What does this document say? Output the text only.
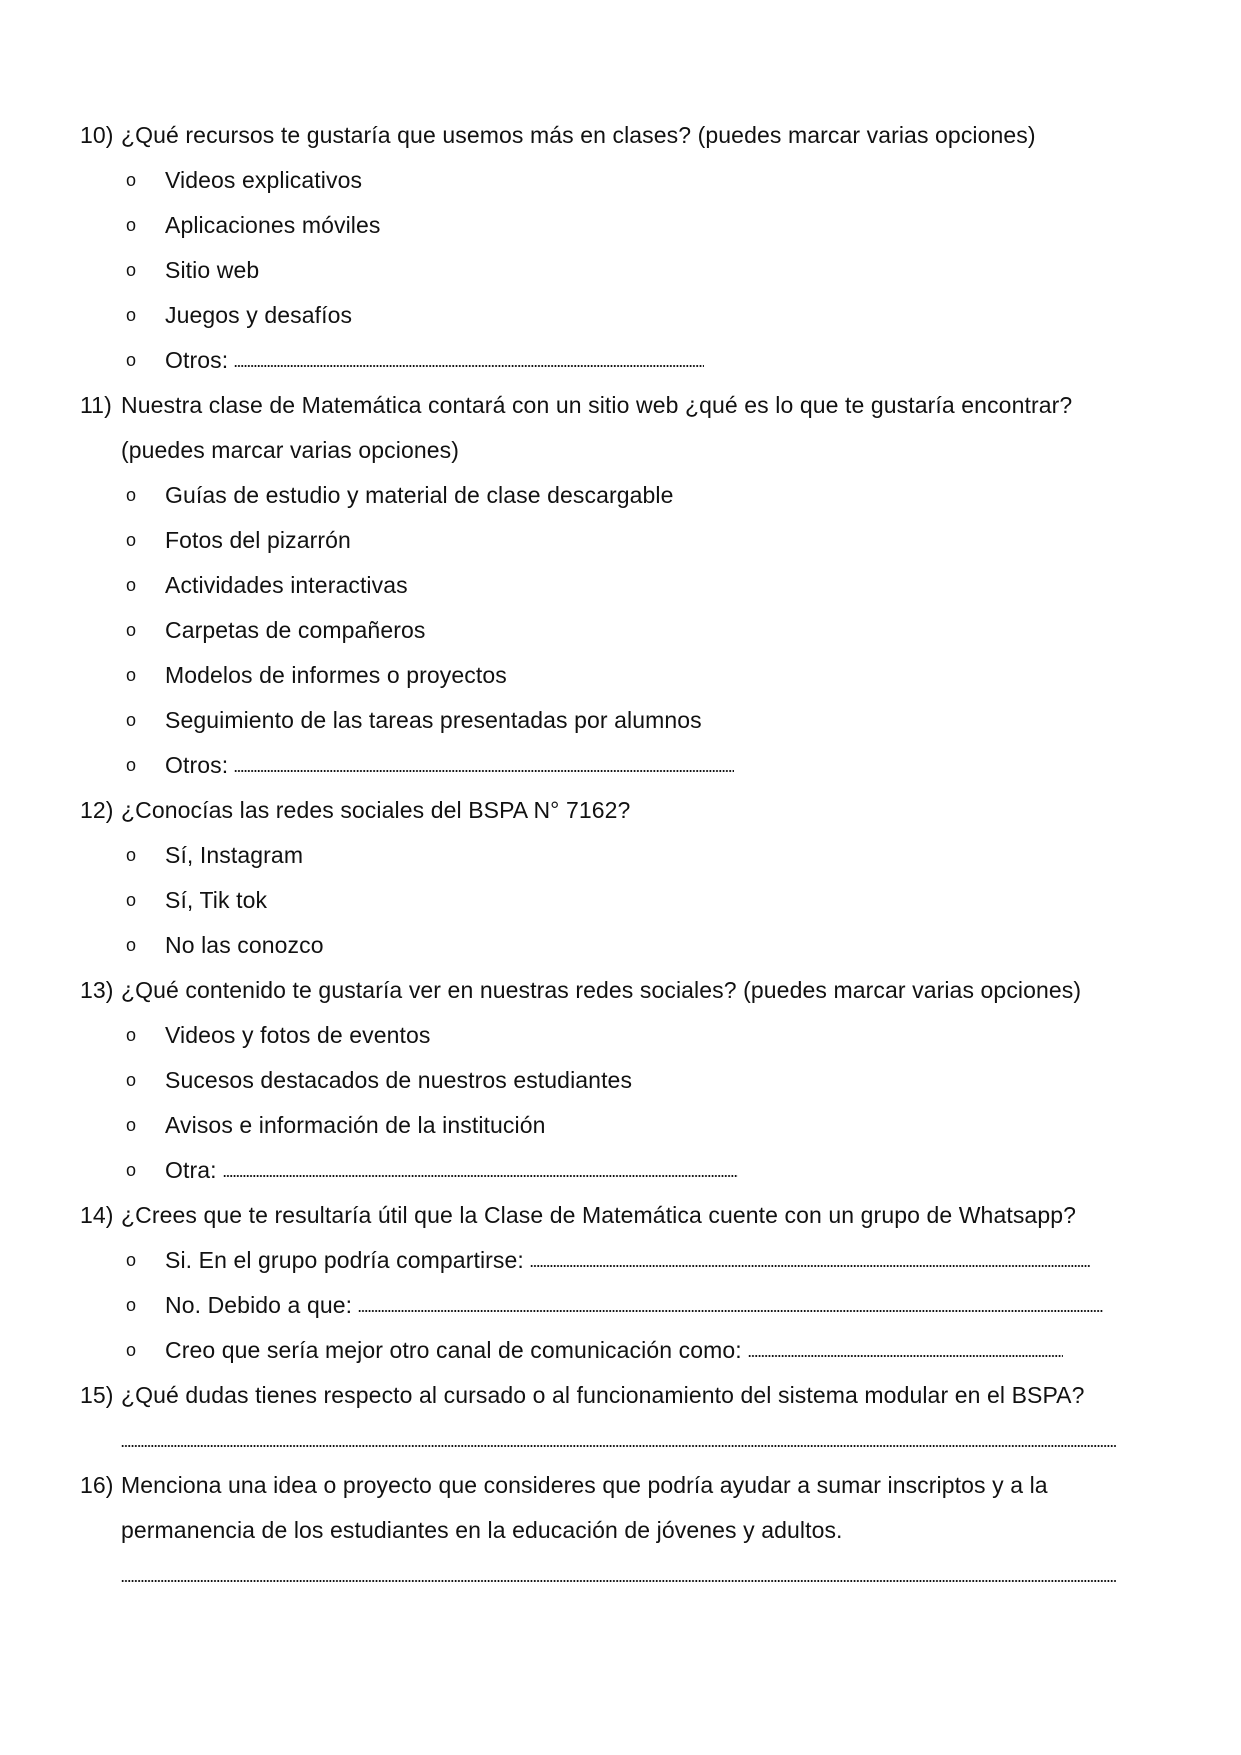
10) ¿Qué recursos te gustaría que usemos más en clases? (puedes marcar varias opciones)
o Videos explicativos
o Aplicaciones móviles
o Sitio web
o Juegos y desafíos
o Otros:
11) Nuestra clase de Matemática contará con un sitio web ¿qué es lo que te gustaría encontrar?
(puedes marcar varias opciones)
o Guías de estudio y material de clase descargable
o Fotos del pizarrón
o Actividades interactivas
o Carpetas de compañeros
o Modelos de informes o proyectos
o Seguimiento de las tareas presentadas por alumnos
o Otros:
12) ¿Conocías las redes sociales del BSPA N° 7162?
o Sí, Instagram
o Sí, Tik tok
o No las conozco
13) ¿Qué contenido te gustaría ver en nuestras redes sociales? (puedes marcar varias opciones)
o Videos y fotos de eventos
o Sucesos destacados de nuestros estudiantes
o Avisos e información de la institución
o Otra:
14) ¿Crees que te resultaría útil que la Clase de Matemática cuente con un grupo de Whatsapp?
o Si. En el grupo podría compartirse:
o No. Debido a que:
o Creo que sería mejor otro canal de comunicación como:
15) ¿Qué dudas tienes respecto al cursado o al funcionamiento del sistema modular en el BSPA?
16) Menciona una idea o proyecto que consideres que podría ayudar a sumar inscriptos y a la
permanencia de los estudiantes en la educación de jóvenes y adultos.
